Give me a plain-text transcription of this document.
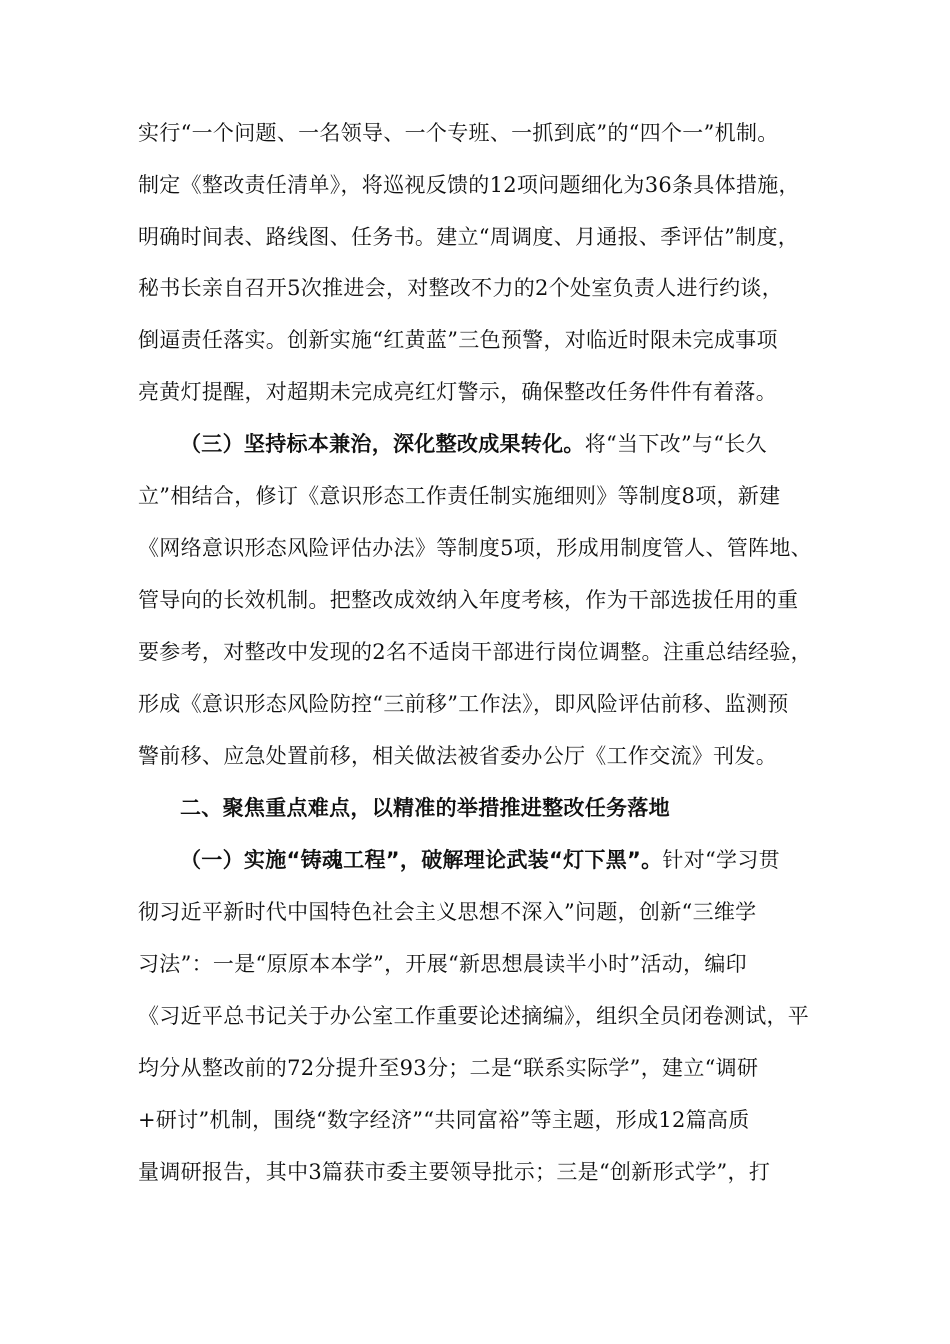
实行“一个问题、一名领导、一个专班、一抓到底”的“四个一”机制。
制定《整改责任清单》，将巡视反馈的12项问题细化为36条具体措施，
明确时间表、路线图、任务书。建立“周调度、月通报、季评估”制度，
秘书长亲自召开5次推进会，对整改不力的2个处室负责人进行约谈，
倒逼责任落实。创新实施“红黄蓝”三色预警，对临近时限未完成事项
亮黄灯提醒，对超期未完成亮红灯警示，确保整改任务件件有着落。
（三）坚持标本兼治，深化整改成果转化。将“当下改”与“长久
立”相结合，修订《意识形态工作责任制实施细则》等制度8项，新建
《网络意识形态风险评估办法》等制度5项，形成用制度管人、管阵地、
管导向的长效机制。把整改成效纳入年度考核，作为干部选拔任用的重
要参考，对整改中发现的2名不适岗干部进行岗位调整。注重总结经验，
形成《意识形态风险防控“三前移”工作法》，即风险评估前移、监测预
警前移、应急处置前移，相关做法被省委办公厅《工作交流》刊发。
二、聚焦重点难点，以精准的举措推进整改任务落地
（一）实施“铸魂工程”，破解理论武装“灯下黑”。针对“学习贯
彻习近平新时代中国特色社会主义思想不深入”问题，创新“三维学
习法”：一是“原原本本学”，开展“新思想晨读半小时”活动，编印
《习近平总书记关于办公室工作重要论述摘编》，组织全员闭卷测试，平
均分从整改前的72分提升至93分；二是“联系实际学”，建立“调研
+研讨”机制，围绕“数字经济”“共同富裕”等主题，形成12篇高质
量调研报告，其中3篇获市委主要领导批示；三是“创新形式学”，打
